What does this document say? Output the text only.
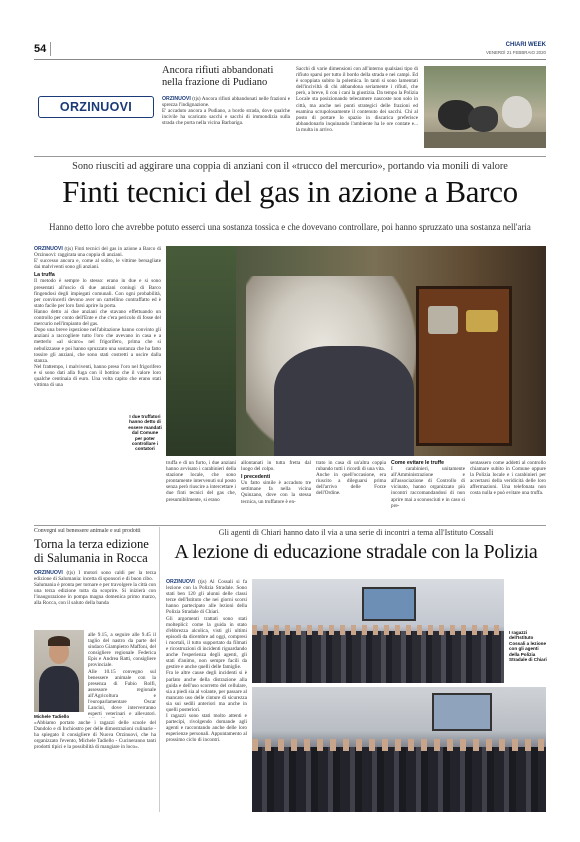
54	CHIARI WEEK
VENERDÌ 21 FEBBRAIO 2020
ORZINUOVI
Ancora rifiuti abbandonati nella frazione di Pudiano
ORZINUOVI (tjs) Ancora rifiuti abbandonati nelle frazioni e sprezza l'indignazione.
E' accaduto ancora a Pudiano, a bordo strada, dove qualche incivile ha scaricato sacchi e sacchi di immondizia sulla strada che porta nella vicina Barbariga.
Sacchi di varie dimensioni con all'interno qualsiasi tipo di rifiuto sparsi per tutto il bordo della strada e nei campi. Ed è scoppiata subito la polemica. In tanti si sono lamentati dell'inciviltà di chi abbandona seriamente i rifiuti, che però, a breve, lì con i cani la giustizia. Da tempo la Polizia Locale sta posizionando telecamere nascoste non solo in città, ma anche nei punti strategici delle frazioni ed esamina scrupolosamente il contenuto dei sacchi. Chi al posto di portare lo spazio in discarica preferisce abbandonarlo inquinando l'ambiente ha le ore contate e... la multa in arrivo.
Sono riusciti ad aggirare una coppia di anziani con il «trucco del mercurio», portando via monili di valore
Finti tecnici del gas in azione a Barco
Hanno detto loro che avrebbe potuto esserci una sostanza tossica e che dovevano controllare, poi hanno spruzzato una sostanza nell'aria
ORZINUOVI (tjs) Finti tecnici del gas in azione a Barco di Orzinuovi: raggirata una coppia di anziani.
E' successo ancora e, come al solito, le vittime bersagliate dai malviventi sono gli anziani.
La truffa
Il metodo è sempre lo stesso: erano in due e si sono presentati all'uscio di due anziani coniugi di Barco fingendosi degli impiegati comunali. Con ogni probabilità, per convincerli devono aver un cartellino contraffatto ed è stato facile per loro farsi aprire la porta.
Hanno detto ai due anziani che stavano effettuando un controllo per conto dell'Ente e che c'era pericolo di fosse del mercurio nell'impianto del gas.
Dopo una breve ispezione nell'abitazione hanno convinto gli anziani a raccogliere tutto l'oro che avevano in casa e a metterlo «al sicuro» nel frigorifero, prima che si nebulizzasse e poi hanno spruzzato una sostanza che ha fatto tossire gli anziani, che sono stati costretti a uscire dalla stanza.
Nel frattempo, i malviventi, hanno preso l'oro nel frigorifero e si sono dati alla fuga con il bottino che il valore loro qualche centinaia di euro. Una volta capito che erano stati vittima di una
I due truffatori hanno detto di essere mandati dal Comune per poter controllare i contatori
truffa e di un furto, i due anziani hanno avvisato i carabinieri della stazione locale, che sono prontamente intervenuti sul posto senza però riuscire a intercettare i due finti tecnici del gas che, presumibilmente, si erano
allontanati in tutta fretta dal luogo del colpo.
I precedenti
Un fatto simile è accaduto tre settimane fa nella vicina Quinzano, dove con la stessa tecnica, un truffatore è en-
trato in casa di un'altra coppia rubando tutti i ricordi di una vita.
Anche in quell'occasione, era riuscito a dileguarsi prima dell'arrivo delle Forze dell'Ordine.
Come evitare le truffe
I carabinieri, unitamente all'Amministrazione e all'associazione di Controllo di vicinato, hanno organizzato più incontri raccomandandosi di non aprire mai a sconosciuti e in caso si pre-
sentassero come addetti al controllo chiamare subito in Comune oppure la Polizia locale e i carabinieri per accertarsi della veridicità delle loro affermazioni. Una telefonata non costa nulla e può evitare una truffa.
Convegni sul benessere animale e sui prodotti
Torna la terza edizione di Salumania in Rocca
ORZINUOVI (tjs) I motori sono caldi per la terza edizione di Salumania: incetta di sponsori e di buon cibo.
Salumania è pronta per tornare e per travolgere la città con una terza edizione tutta da scoprire. Si inizierà con l'inaugurazione in pompa magna domenica primo marzo, alla Rocca, con il saluto della banda
Michele Tadiello
alle 9.15, a seguire alle 9.45 il taglio del nastro da parte del sindaco Giampietro Maffoni, del consigliere regionale Federica Epis e Andrea Ratti, consigliere provinciale.
Alle 10.15 convegno sul benessere animale con la presenza di Fabio Rolfi, assessore regionale all'Agricoltura e l'europarlamentare Oscar Lancini, dove interverranno esperti veterinari e allevatori.
«Abbiamo portato anche i ragazzi delle scuole del Dandolo e di Inchiostro per delle dimostrazioni culinarie - ha spiegato il consigliere di Nuova Orzinuovi, che ha organizzato l'evento, Michele Tadiello - Cucineranno tanti prodotti tipici e la possibilità di mangiare in loco».
Gli agenti di Chiari hanno dato il via a una serie di incontri a tema all'Istituto Cossali
A lezione di educazione stradale con la Polizia
ORZINUOVI (tjs) Al Cossali si fa lezione con la Polizia Stradale. Sono stati ben 120 gli alunni delle classi terze dell'Istituto che nei giorni scorsi hanno partecipato alle lezioni della Polizia Stradale di Chiari.
Gli argomenti trattati sono stati molteplici: come la guida in stato d'ebbrezza alcolica, visti gli ultimi episodi da dicembre ad oggi, compresi i mortali, il tutto supportato da filmati e ricostruzioni di incidenti riguardando anche l'esperienza degli agenti, gli stati d'animo, non sempre facili da gestire e anche quelli delle famiglie.
Fra le altre cause degli incidenti si è parlato anche della distrazione alla guida e dell'uso scorretto del cellulare, sia a piedi sia al volante, per passare al mancato uso delle cinture di sicurezza sia sui sedili anteriori ma anche in quelli posteriori.
I ragazzi sono stati molto attenti e partecipi, rivolgendo domande agli agenti e raccontando anche delle loro esperienze personali. Appuntamento al prossimo ciclo di incontri.
I ragazzi dell'Istituto Cossali a lezione con gli agenti della Polizia Stradale di Chiari
